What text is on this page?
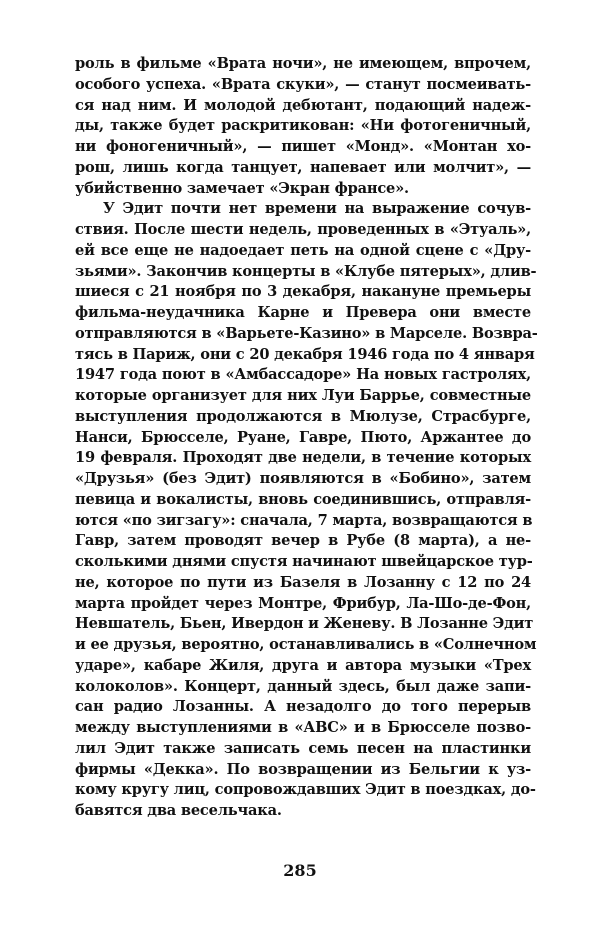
роль в фильме «Врата ночи», не имеющем, впрочем,
особого успеха. «Врата скуки», — станут посмеивать-
ся над ним. И молодой дебютант, подающий надеж-
ды, также будет раскритикован: «Ни фотогеничный,
ни фоногеничный», — пишет «Монд». «Монтан хо-
рош, лишь когда танцует, напевает или молчит», —
убийственно замечает «Экран франсе».
У Эдит почти нет времени на выражение сочув-
ствия. После шести недель, проведенных в «Этуаль»,
ей все еще не надоедает петь на одной сцене с «Дру-
зьями». Закончив концерты в «Клубе пятерых», длив-
шиеся с 21 ноября по 3 декабря, накануне премьеры
фильма-неудачника Карне и Превера они вместе
отправляются в «Варьете-Казино» в Марселе. Возвра-
тясь в Париж, они с 20 декабря 1946 года по 4 января
1947 года поют в «Амбассадоре» На новых гастролях,
которые организует для них Луи Баррье, совместные
выступления продолжаются в Мюлузе, Страсбурге,
Нанси, Брюсселе, Руане, Гавре, Пюто, Аржантее до
19 февраля. Проходят две недели, в течение которых
«Друзья» (без Эдит) появляются в «Бобино», затем
певица и вокалисты, вновь соединившись, отправля-
ются «по зигзагу»: сначала, 7 марта, возвращаются в
Гавр, затем проводят вечер в Рубе (8 марта), а не-
сколькими днями спустя начинают швейцарское тур-
не, которое по пути из Базеля в Лозанну с 12 по 24
марта пройдет через Монтре, Фрибур, Ла-Шо-де-Фон,
Невшатель, Бьен, Ивердон и Женеву. В Лозанне Эдит
и ее друзья, вероятно, останавливались в «Солнечном
ударе», кабаре Жиля, друга и автора музыки «Трех
колоколов». Концерт, данный здесь, был даже запи-
сан радио Лозанны. А незадолго до того перерыв
между выступлениями в «АВС» и в Брюсселе позво-
лил Эдит также записать семь песен на пластинки
фирмы «Декка». По возвращении из Бельгии к уз-
кому кругу лиц, сопровождавших Эдит в поездках, до-
бавятся два весельчака.
285
